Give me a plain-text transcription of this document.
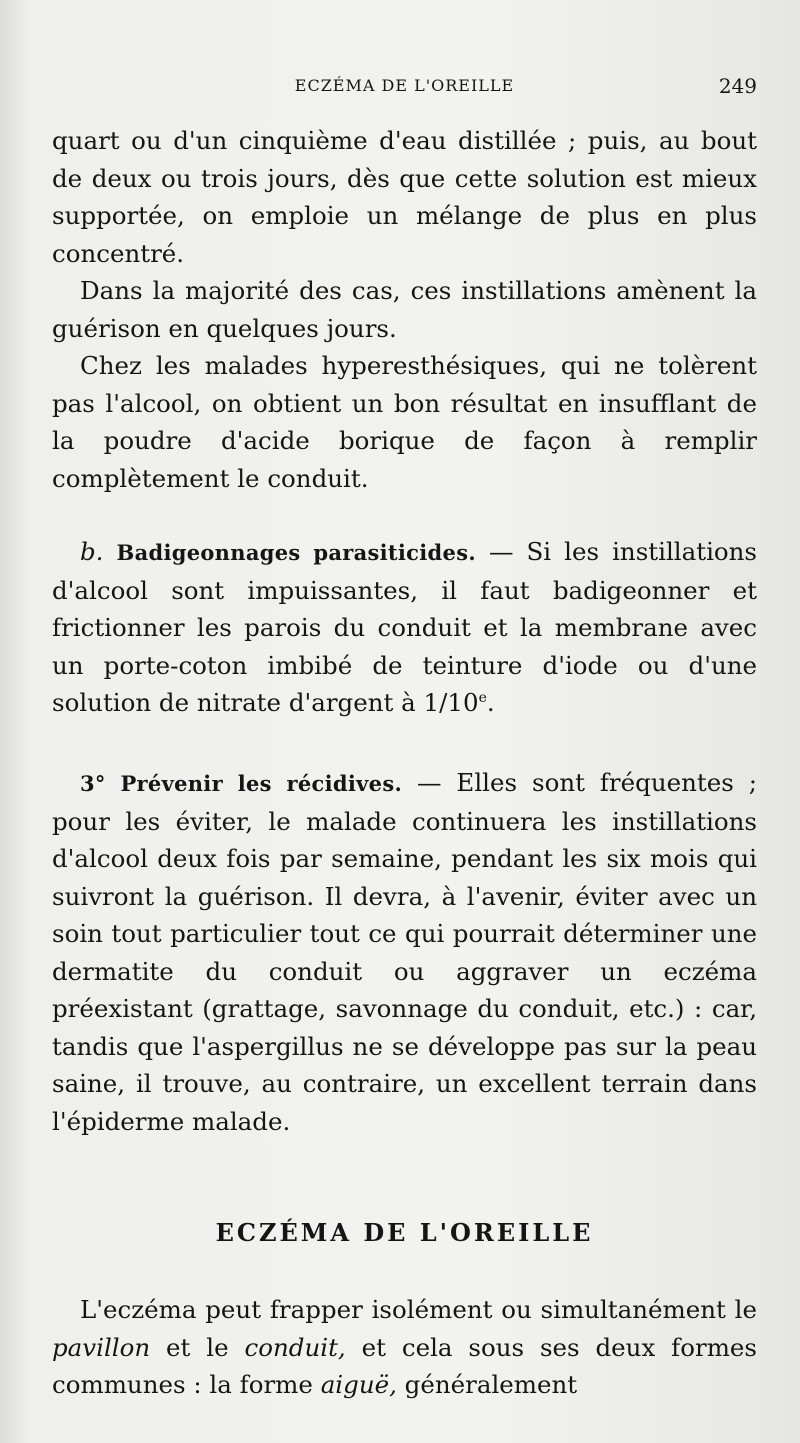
ECZÉMA DE L'OREILLE	249

quart ou d'un cinquième d'eau distillée ; puis, au bout de deux ou trois jours, dès que cette solution est mieux supportée, on emploie un mélange de plus en plus concentré.

Dans la majorité des cas, ces instillations amènent la guérison en quelques jours.

Chez les malades hyperesthésiques, qui ne tolèrent pas l'alcool, on obtient un bon résultat en insufflant de la poudre d'acide borique de façon à remplir complètement le conduit.

b. Badigeonnages parasiticides. — Si les instillations d'alcool sont impuissantes, il faut badigeonner et frictionner les parois du conduit et la membrane avec un porte-coton imbibé de teinture d'iode ou d'une solution de nitrate d'argent à 1/10e.

3° Prévenir les récidives. — Elles sont fréquentes ; pour les éviter, le malade continuera les instillations d'alcool deux fois par semaine, pendant les six mois qui suivront la guérison. Il devra, à l'avenir, éviter avec un soin tout particulier tout ce qui pourrait déterminer une dermatite du conduit ou aggraver un eczéma préexistant (grattage, savonnage du conduit, etc.) : car, tandis que l'aspergillus ne se développe pas sur la peau saine, il trouve, au contraire, un excellent terrain dans l'épiderme malade.

ECZÉMA DE L'OREILLE

L'eczéma peut frapper isolément ou simultanément le pavillon et le conduit, et cela sous ses deux formes communes : la forme aiguë, généralement
